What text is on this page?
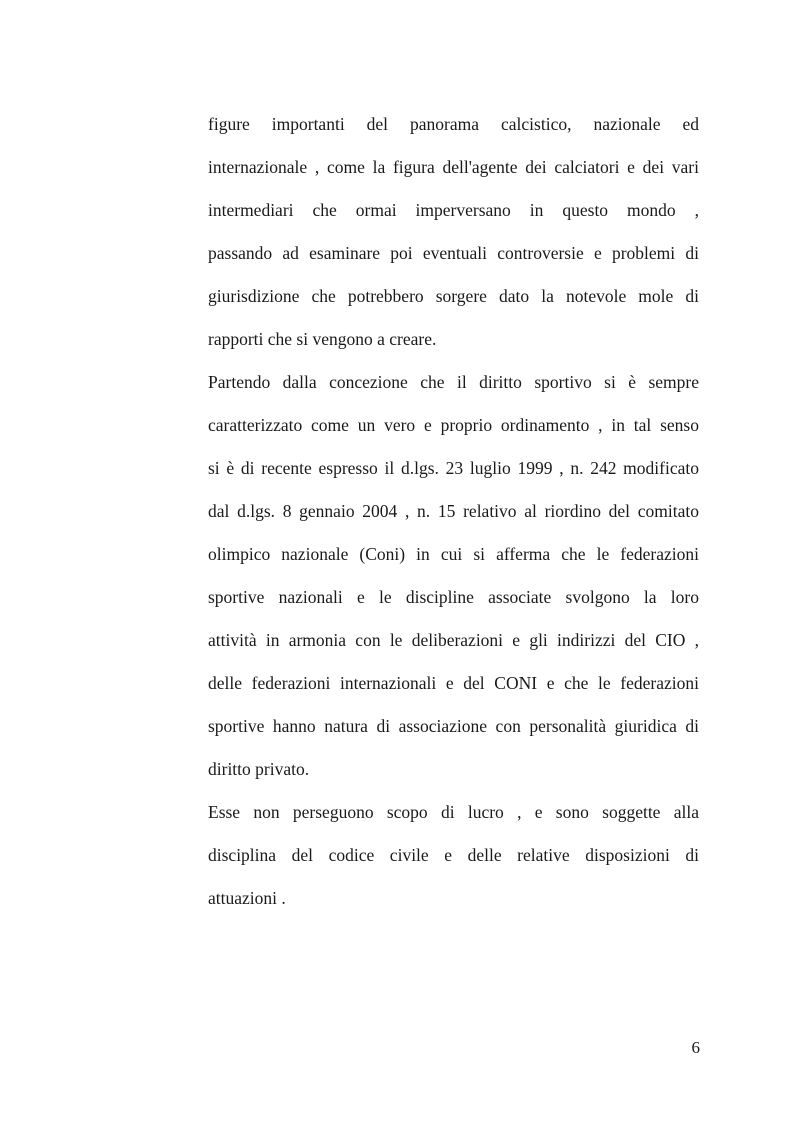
figure importanti del panorama calcistico, nazionale ed
internazionale , come la figura dell'agente dei calciatori e dei vari
intermediari che ormai imperversano in questo mondo ,
passando ad esaminare poi eventuali controversie e problemi di
giurisdizione che potrebbero sorgere dato la notevole mole di
rapporti che si vengono a creare.
Partendo dalla concezione che il diritto sportivo si è sempre
caratterizzato come un vero e proprio ordinamento , in tal senso
si è di recente espresso il d.lgs. 23 luglio 1999 , n. 242 modificato
dal d.lgs. 8 gennaio 2004 , n. 15 relativo al riordino del comitato
olimpico nazionale (Coni) in cui si afferma che le federazioni
sportive nazionali e le discipline associate svolgono la loro
attività in armonia con le deliberazioni e gli indirizzi del CIO ,
delle federazioni internazionali e del CONI e che le federazioni
sportive hanno natura di associazione con personalità giuridica di
diritto privato.
Esse non perseguono scopo di lucro , e sono soggette alla
disciplina del codice civile e delle relative disposizioni di
attuazioni .
6
